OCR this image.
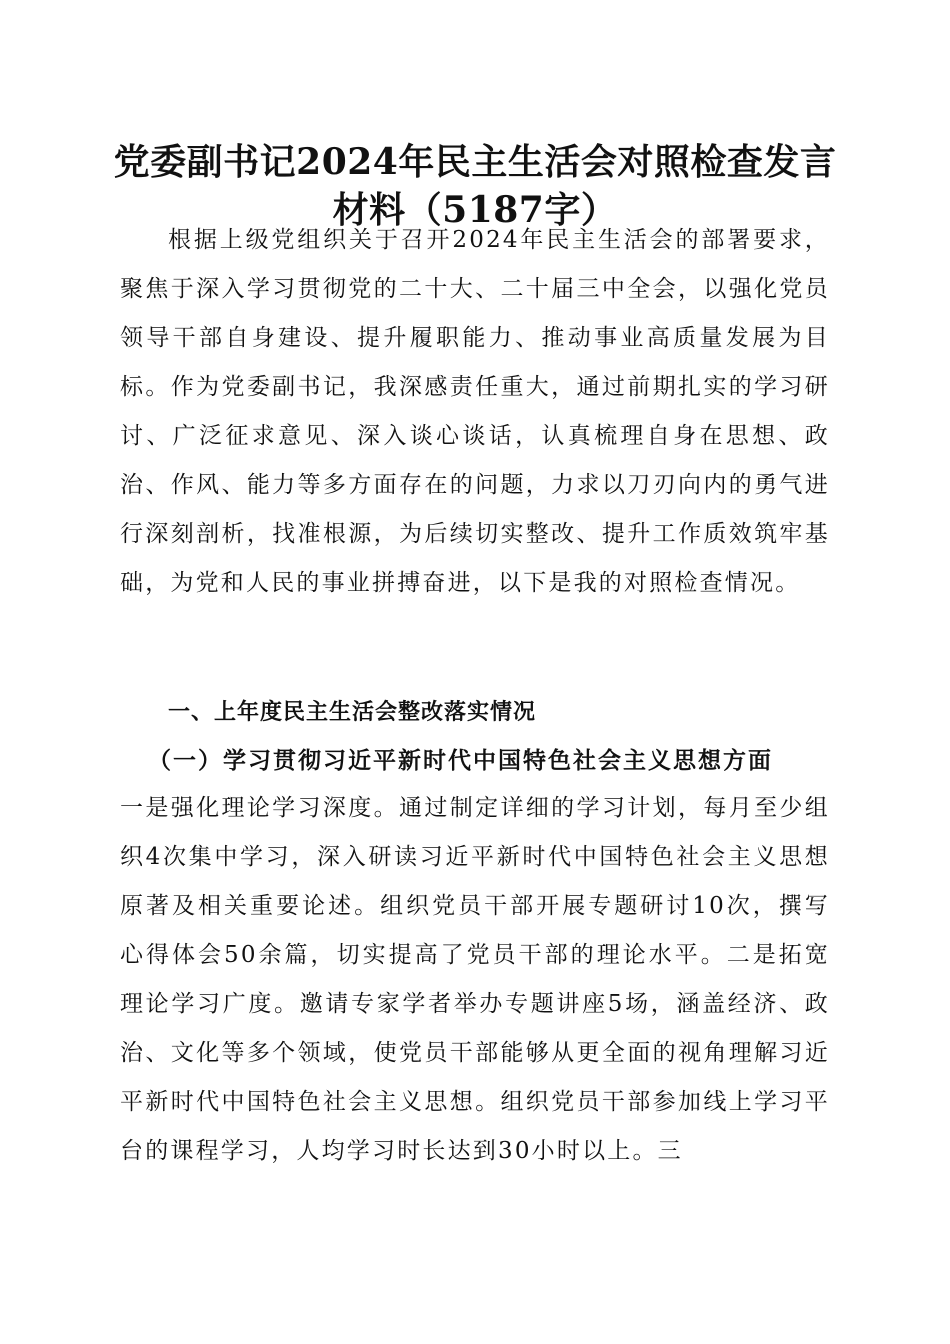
党委副书记2024年民主生活会对照检查发言
材料（5187字）

根据上级党组织关于召开2024年民主生活会的部署要求，聚焦于深入学习贯彻党的二十大、二十届三中全会，以强化党员领导干部自身建设、提升履职能力、推动事业高质量发展为目标。作为党委副书记，我深感责任重大，通过前期扎实的学习研讨、广泛征求意见、深入谈心谈话，认真梳理自身在思想、政治、作风、能力等多方面存在的问题，力求以刀刃向内的勇气进行深刻剖析，找准根源，为后续切实整改、提升工作质效筑牢基础，为党和人民的事业拼搏奋进，以下是我的对照检查情况。

一、上年度民主生活会整改落实情况
（一）学习贯彻习近平新时代中国特色社会主义思想方面

一是强化理论学习深度。通过制定详细的学习计划，每月至少组织4次集中学习，深入研读习近平新时代中国特色社会主义思想原著及相关重要论述。组织党员干部开展专题研讨10次，撰写心得体会50余篇，切实提高了党员干部的理论水平。二是拓宽理论学习广度。邀请专家学者举办专题讲座5场，涵盖经济、政治、文化等多个领域，使党员干部能够从更全面的视角理解习近平新时代中国特色社会主义思想。组织党员干部参加线上学习平台的课程学习，人均学习时长达到30小时以上。三
